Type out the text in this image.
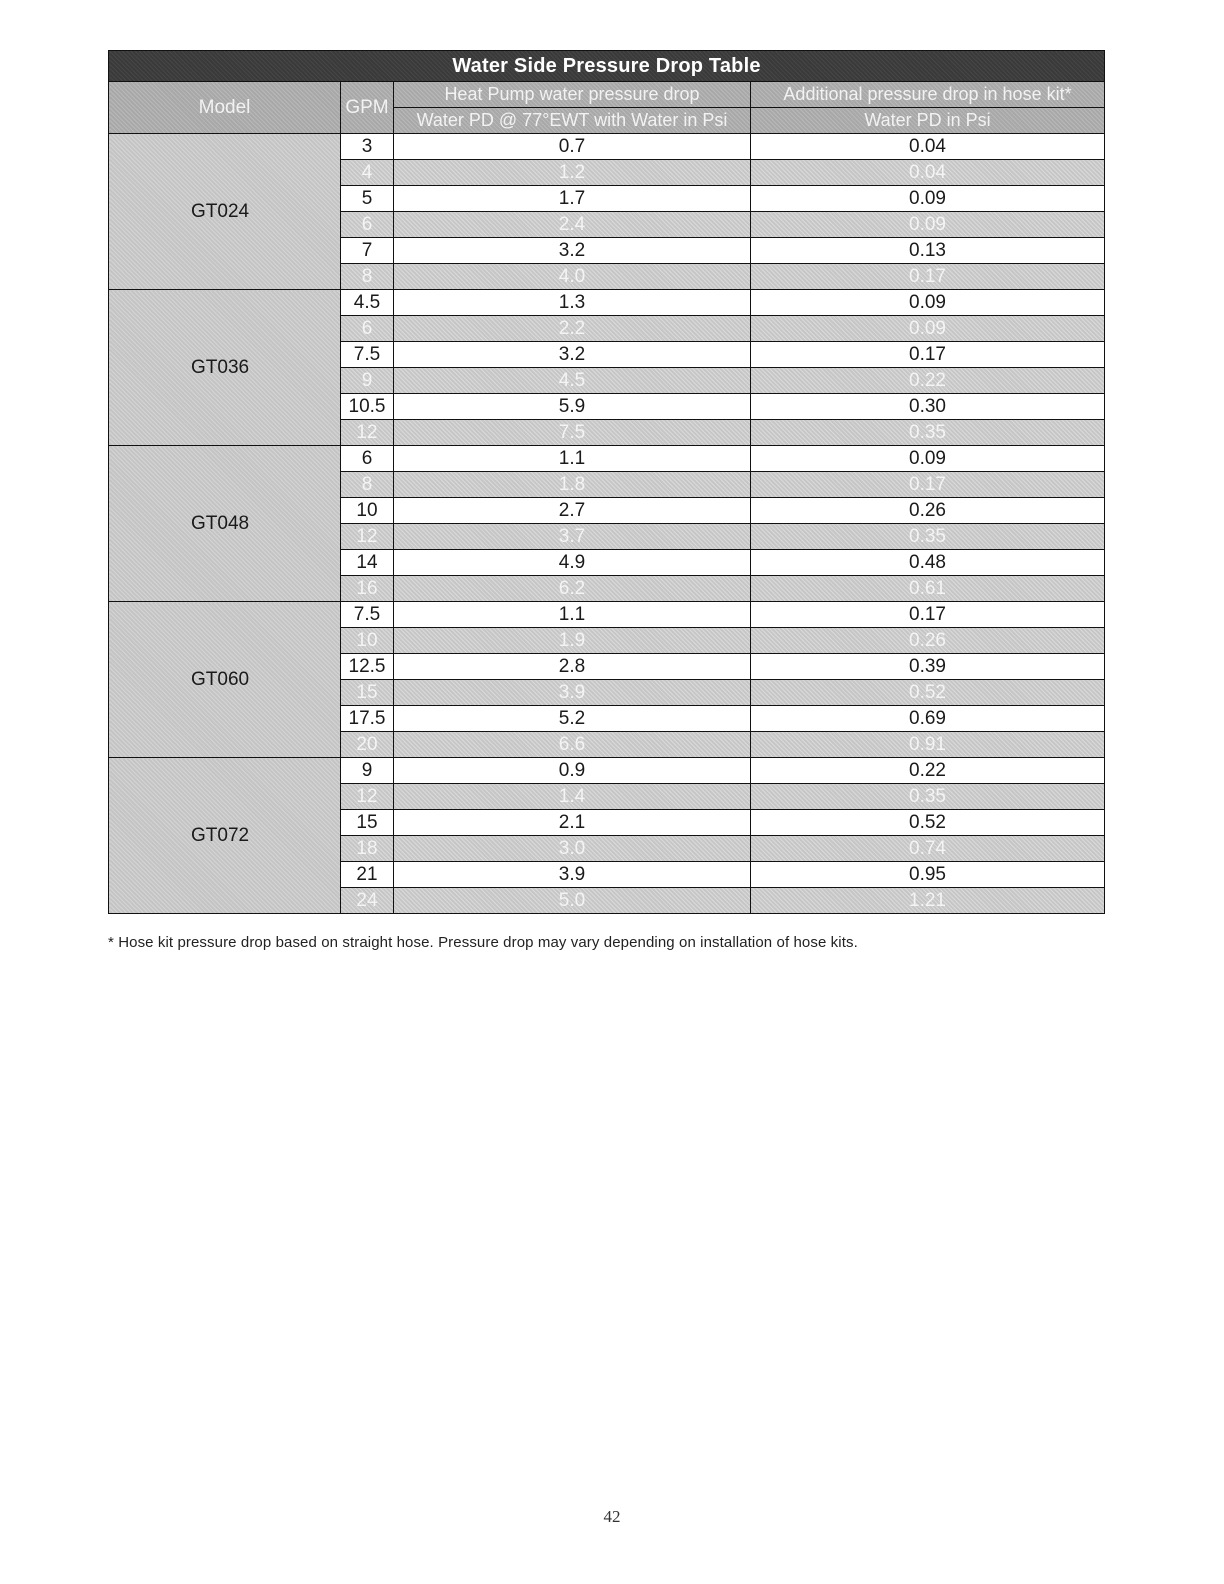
Water Side Pressure Drop Table			
Model	GPM	Heat Pump water pressure drop	Additional pressure drop in hose kit*
		Water PD @ 77°EWT with Water in Psi	Water PD in Psi
GT024	3	0.7	0.04
	4	1.2	0.04
	5	1.7	0.09
	6	2.4	0.09
	7	3.2	0.13
	8	4.0	0.17
GT036	4.5	1.3	0.09
	6	2.2	0.09
	7.5	3.2	0.17
	9	4.5	0.22
	10.5	5.9	0.30
	12	7.5	0.35
GT048	6	1.1	0.09
	8	1.8	0.17
	10	2.7	0.26
	12	3.7	0.35
	14	4.9	0.48
	16	6.2	0.61
GT060	7.5	1.1	0.17
	10	1.9	0.26
	12.5	2.8	0.39
	15	3.9	0.52
	17.5	5.2	0.69
	20	6.6	0.91
GT072	9	0.9	0.22
	12	1.4	0.35
	15	2.1	0.52
	18	3.0	0.74
	21	3.9	0.95
	24	5.0	1.21
* Hose kit pressure drop based on straight hose. Pressure drop may vary depending on installation of hose kits.
42
